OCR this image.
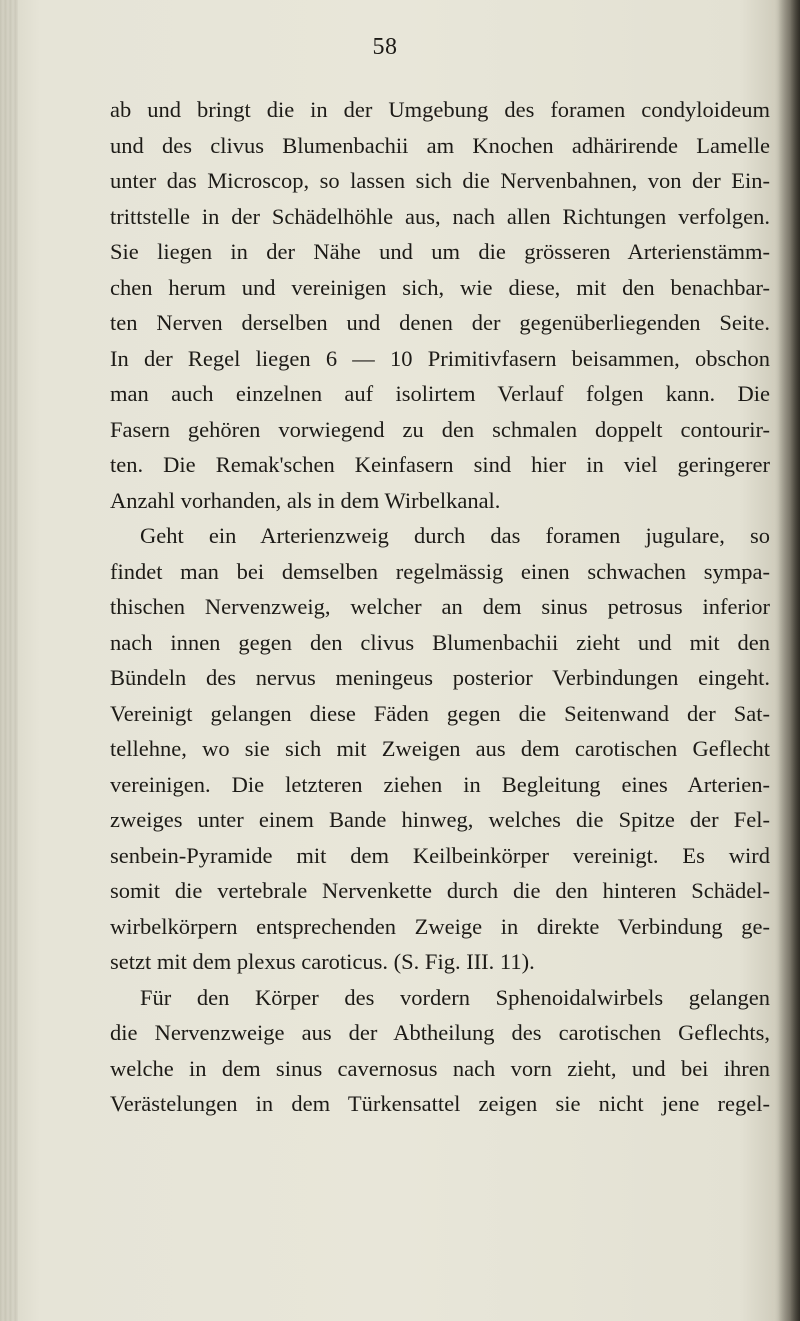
58
ab und bringt die in der Umgebung des foramen condyloideum
und des clivus Blumenbachii am Knochen adhärirende Lamelle
unter das Microscop, so lassen sich die Nervenbahnen, von der Ein-
trittstelle in der Schädelhöhle aus, nach allen Richtungen verfolgen.
Sie liegen in der Nähe und um die grösseren Arterienstämm-
chen herum und vereinigen sich, wie diese, mit den benachbar-
ten Nerven derselben und denen der gegenüberliegenden Seite.
In der Regel liegen 6 — 10 Primitivfasern beisammen, obschon
man auch einzelnen auf isolirtem Verlauf folgen kann. Die
Fasern gehören vorwiegend zu den schmalen doppelt contourir-
ten. Die Remak'schen Keinfasern sind hier in viel geringerer
Anzahl vorhanden, als in dem Wirbelkanal.
Geht ein Arterienzweig durch das foramen jugulare, so
findet man bei demselben regelmässig einen schwachen sympa-
thischen Nervenzweig, welcher an dem sinus petrosus inferior
nach innen gegen den clivus Blumenbachii zieht und mit den
Bündeln des nervus meningeus posterior Verbindungen eingeht.
Vereinigt gelangen diese Fäden gegen die Seitenwand der Sat-
tellehne, wo sie sich mit Zweigen aus dem carotischen Geflecht
vereinigen. Die letzteren ziehen in Begleitung eines Arterien-
zweiges unter einem Bande hinweg, welches die Spitze der Fel-
senbein-Pyramide mit dem Keilbeinkörper vereinigt. Es wird
somit die vertebrale Nervenkette durch die den hinteren Schädel-
wirbelkörpern entsprechenden Zweige in direkte Verbindung ge-
setzt mit dem plexus caroticus. (S. Fig. III. 11).
Für den Körper des vordern Sphenoidalwirbels gelangen
die Nervenzweige aus der Abtheilung des carotischen Geflechts,
welche in dem sinus cavernosus nach vorn zieht, und bei ihren
Verästelungen in dem Türkensattel zeigen sie nicht jene regel-
